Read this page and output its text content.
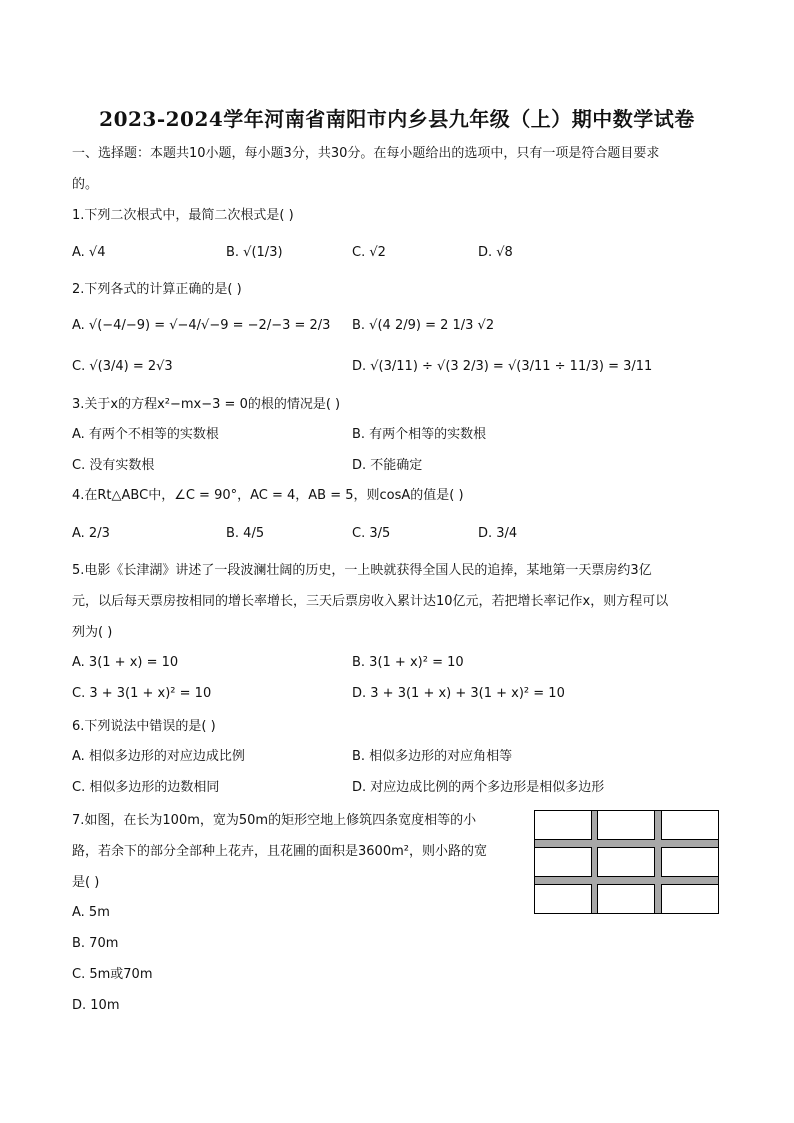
2023-2024学年河南省南阳市内乡县九年级（上）期中数学试卷
一、选择题：本题共10小题，每小题3分，共30分。在每小题给出的选项中，只有一项是符合题目要求
的。
1.下列二次根式中，最简二次根式是( )
A. √4	B. √(1/3)	C. √2	D. √8
2.下列各式的计算正确的是( )
A. √(−4/−9) = √−4/√−9 = −2/−3 = 2/3 B. √(4 2/9) = 2 1/3 √2
C. √(3/4) = 2√3	D. √(3/11) ÷ √(3 2/3) = √(3/11 ÷ 11/3) = 3/11
3.关于x的方程x²−mx−3 = 0的根的情况是( )
A. 有两个不相等的实数根	B. 有两个相等的实数根
C. 没有实数根	D. 不能确定
4.在Rt△ABC中，∠C = 90°，AC = 4，AB = 5，则cosA的值是( )
A. 2/3	B. 4/5	C. 3/5	D. 3/4
5.电影《长津湖》讲述了一段波澜壮阔的历史，一上映就获得全国人民的追捧，某地第一天票房约3亿
元，以后每天票房按相同的增长率增长，三天后票房收入累计达10亿元，若把增长率记作x，则方程可以
列为( )
A. 3(1 + x) = 10	B. 3(1 + x)² = 10
C. 3 + 3(1 + x)² = 10	D. 3 + 3(1 + x) + 3(1 + x)² = 10
6.下列说法中错误的是( )
A. 相似多边形的对应边成比例	B. 相似多边形的对应角相等
C. 相似多边形的边数相同	D. 对应边成比例的两个多边形是相似多边形
7.如图，在长为100m，宽为50m的矩形空地上修筑四条宽度相等的小
路，若余下的部分全部种上花卉，且花圃的面积是3600m²，则小路的宽
是( )
A. 5m
B. 70m
C. 5m或70m
D. 10m
